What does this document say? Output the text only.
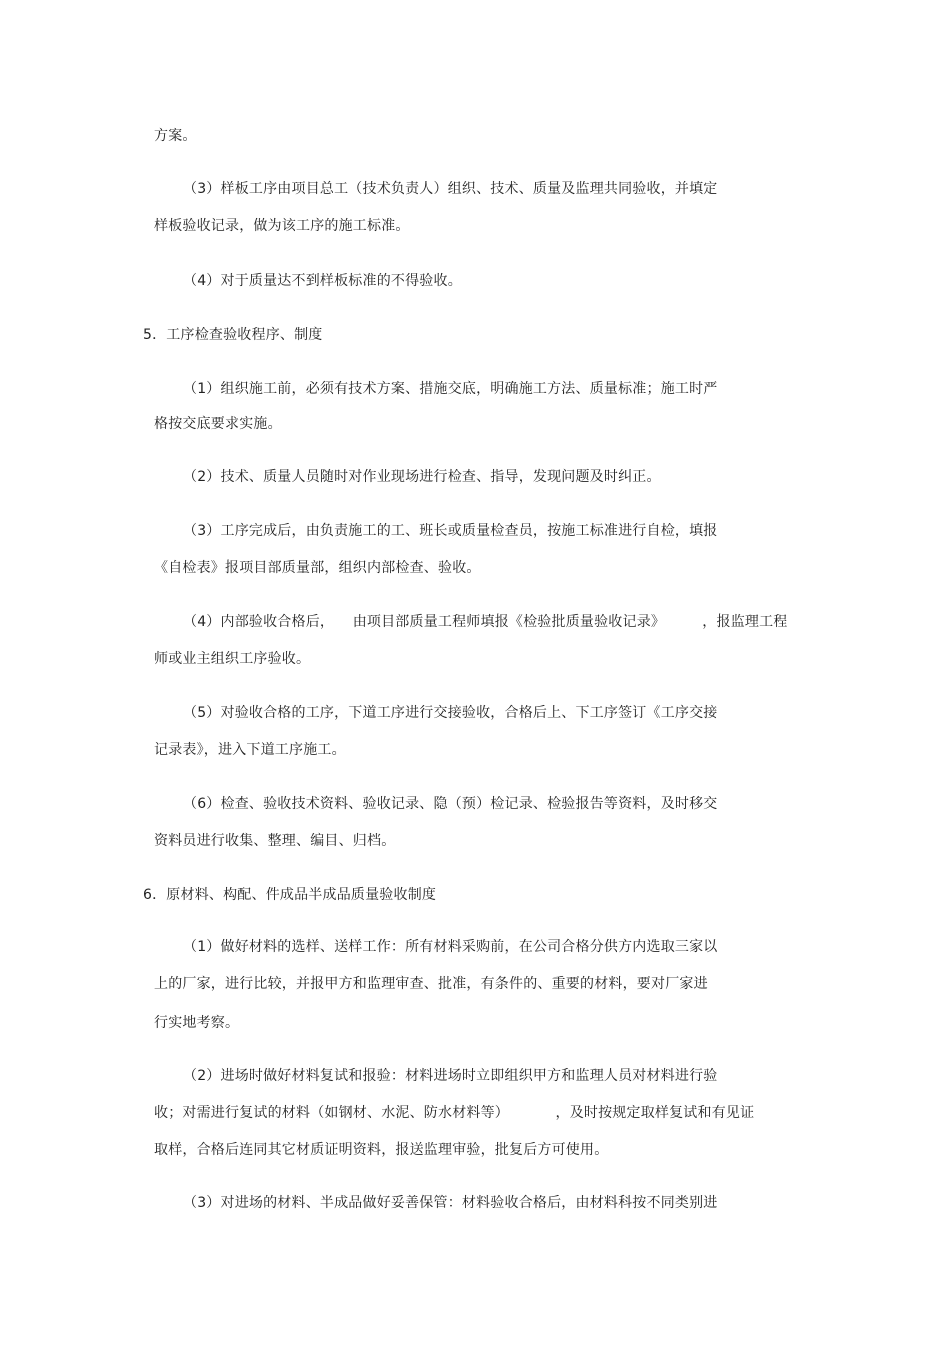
方案。
（3）样板工序由项目总工（技术负责人）组织、技术、质量及监理共同验收，并填定
样板验收记录，做为该工序的施工标准。
（4）对于质量达不到样板标准的不得验收。
5．工序检查验收程序、制度
（1）组织施工前，必须有技术方案、措施交底，明确施工方法、质量标准；施工时严
格按交底要求实施。
（2）技术、质量人员随时对作业现场进行检查、指导，发现问题及时纠正。
（3）工序完成后，由负责施工的工、班长或质量检查员，按施工标准进行自检，填报
《自检表》报项目部质量部，组织内部检查、验收。
（4）内部验收合格后，    由项目部质量工程师填报《检验批质量验收记录》        ，报监理工程
师或业主组织工序验收。
（5）对验收合格的工序，下道工序进行交接验收，合格后上、下工序签订《工序交接
记录表》，进入下道工序施工。
（6）检查、验收技术资料、验收记录、隐（预）检记录、检验报告等资料，及时移交
资料员进行收集、整理、编目、归档。
6．原材料、构配、件成品半成品质量验收制度
（1）做好材料的选样、送样工作：所有材料采购前，在公司合格分供方内选取三家以
上的厂家，进行比较，并报甲方和监理审查、批准，有条件的、重要的材料，要对厂家进
行实地考察。
（2）进场时做好材料复试和报验：材料进场时立即组织甲方和监理人员对材料进行验
收；对需进行复试的材料（如钢材、水泥、防水材料等）          ，及时按规定取样复试和有见证
取样，合格后连同其它材质证明资料，报送监理审验，批复后方可使用。
（3）对进场的材料、半成品做好妥善保管：材料验收合格后，由材料科按不同类别进
